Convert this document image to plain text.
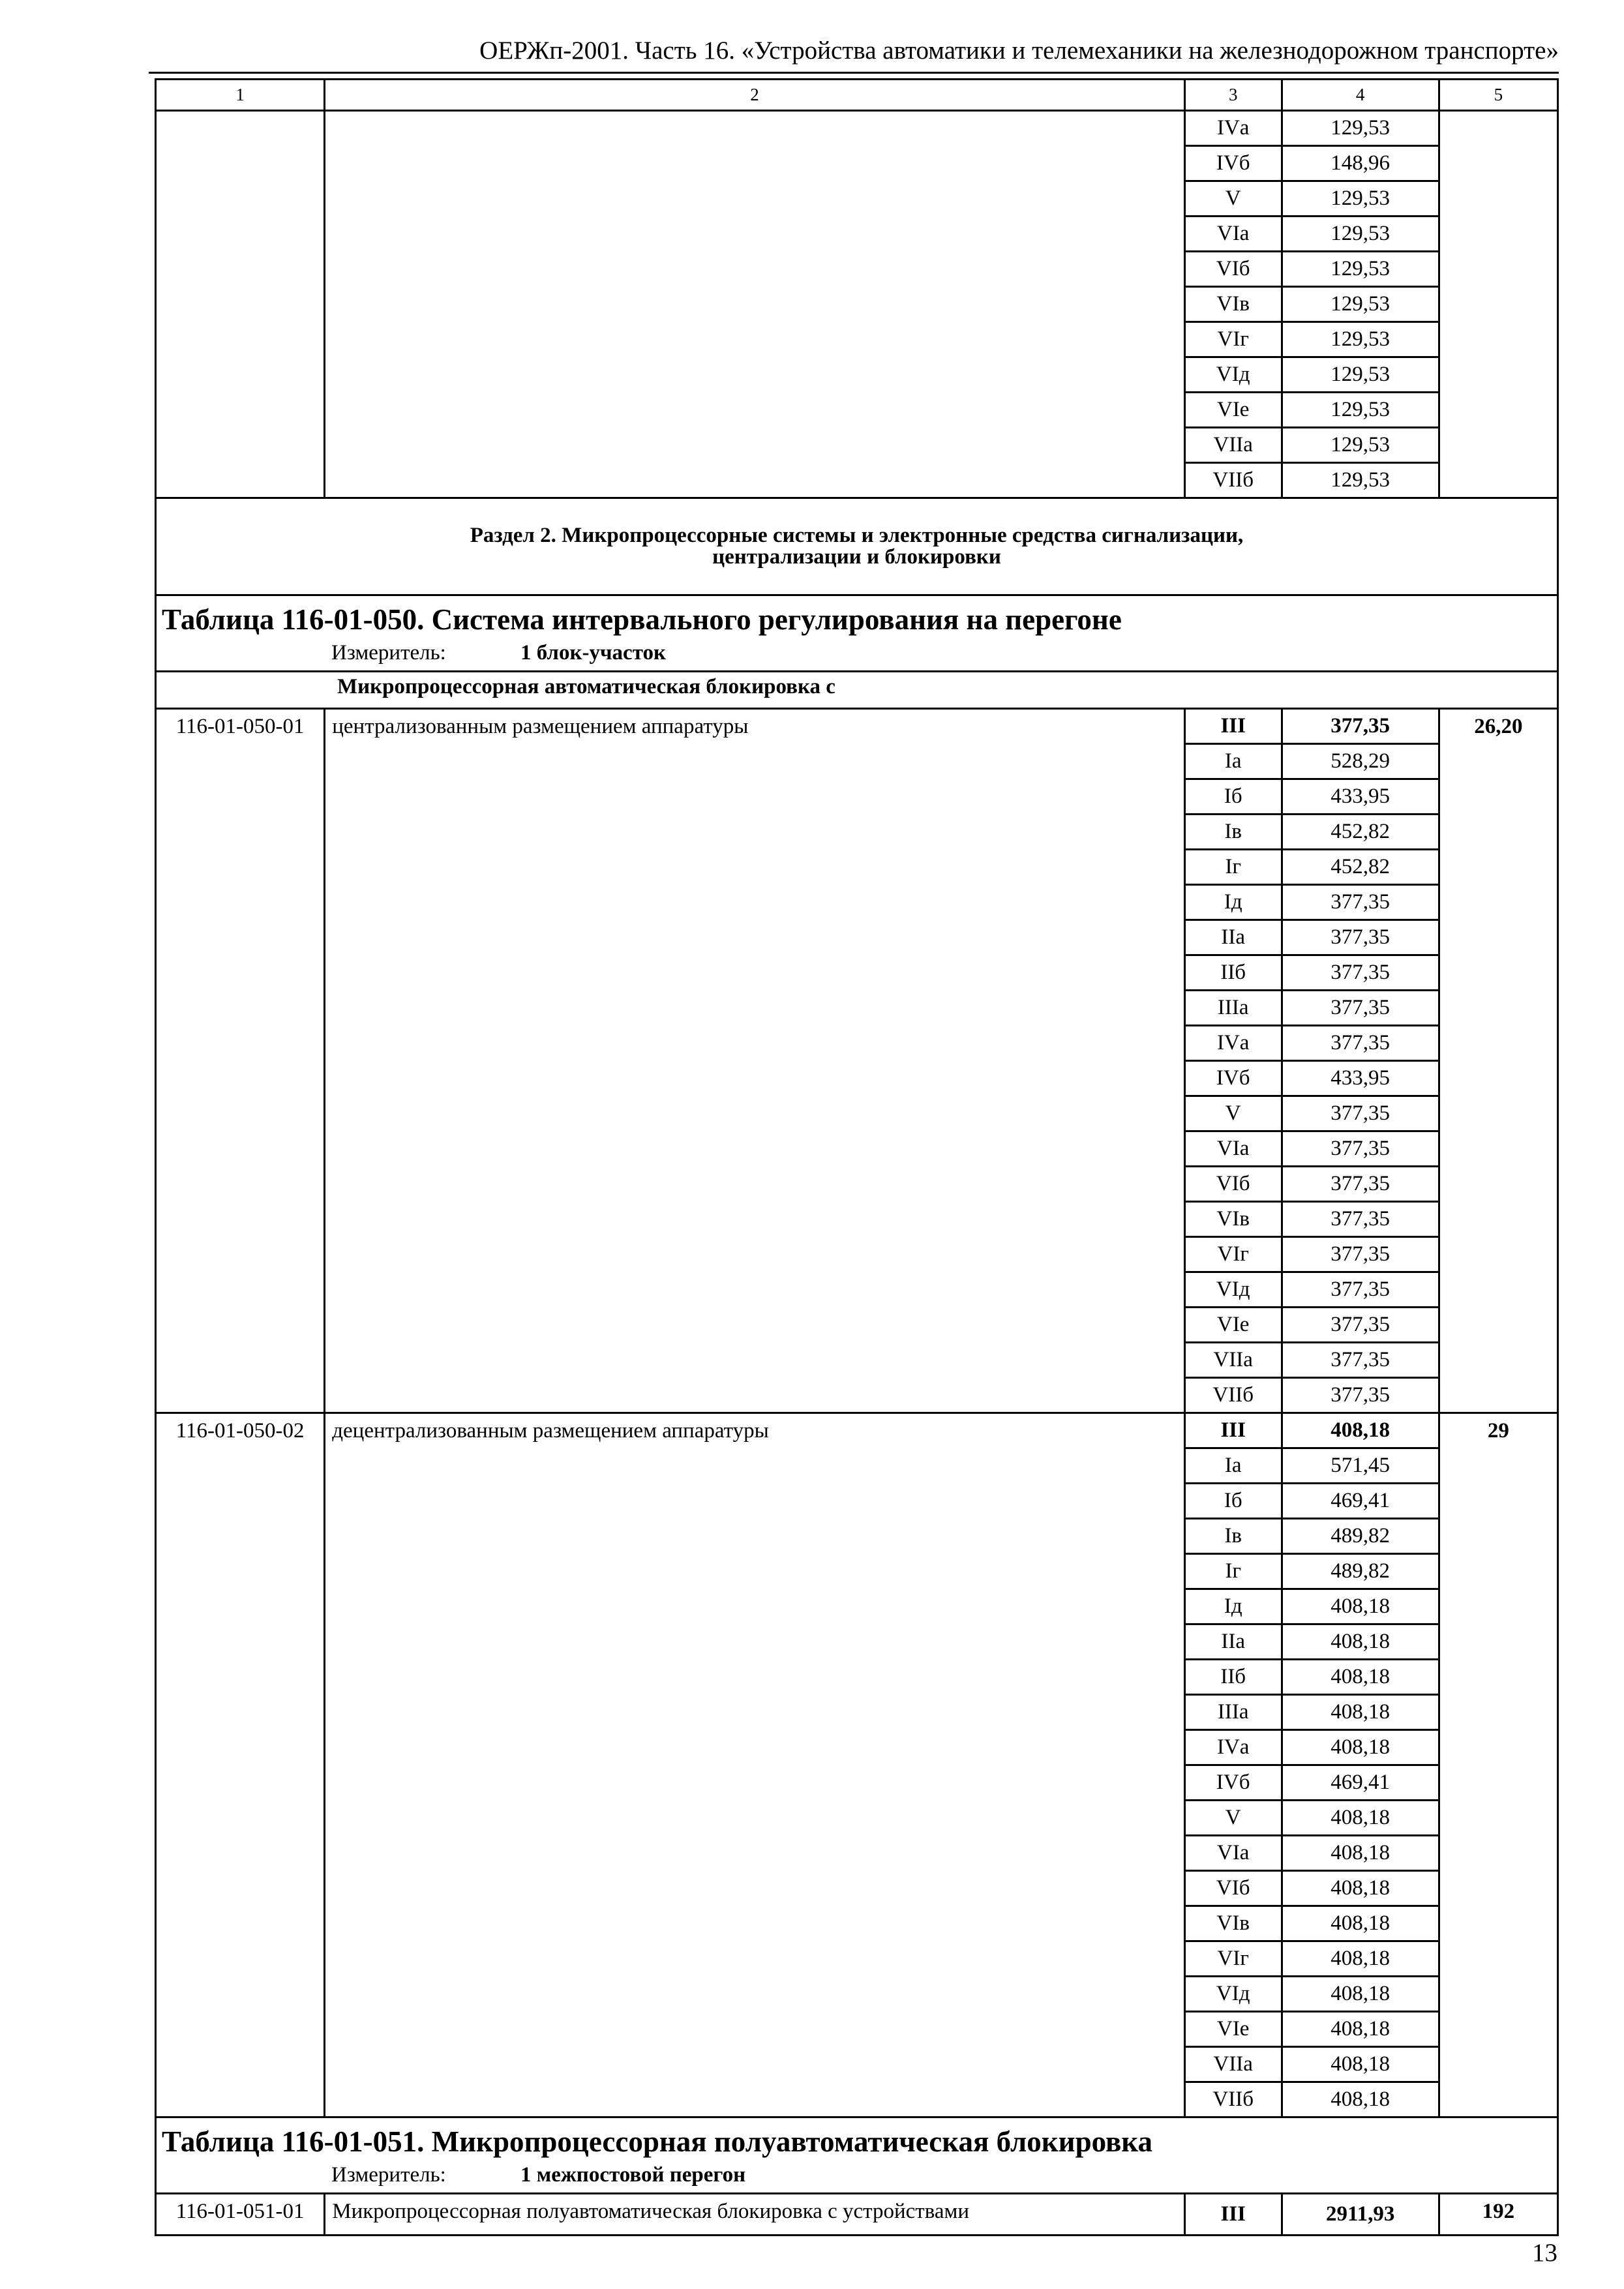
ОЕРЖп-2001. Часть 16. «Устройства автоматики и телемеханики на железнодорожном транспорте»
1	2	3	4	5
		IVа	129,53	
		IVб	148,96	
		V	129,53	
		VIа	129,53	
		VIб	129,53	
		VIв	129,53	
		VIг	129,53	
		VIд	129,53	
		VIе	129,53	
		VIIа	129,53	
		VIIб	129,53	
Раздел 2. Микропроцессорные системы и электронные средства сигнализации,
централизации и блокировки				

Таблица 116-01-050. Система интервального регулирования на перегоне
Измеритель: 1 блок-участок				

Микропроцессорная автоматическая блокировка с				
116-01-050-01	централизованным размещением аппаратуры	III	377,35	26,20
		Iа	528,29	
		Iб	433,95	
		Iв	452,82	
		Iг	452,82	
		Iд	377,35	
		IIа	377,35	
		IIб	377,35	
		IIIа	377,35	
		IVа	377,35	
		IVб	433,95	
		V	377,35	
		VIа	377,35	
		VIб	377,35	
		VIв	377,35	
		VIг	377,35	
		VIд	377,35	
		VIе	377,35	
		VIIа	377,35	
		VIIб	377,35	
116-01-050-02	децентрализованным размещением аппаратуры	III	408,18	29
		Iа	571,45	
		Iб	469,41	
		Iв	489,82	
		Iг	489,82	
		Iд	408,18	
		IIа	408,18	
		IIб	408,18	
		IIIа	408,18	
		IVа	408,18	
		IVб	469,41	
		V	408,18	
		VIа	408,18	
		VIб	408,18	
		VIв	408,18	
		VIг	408,18	
		VIд	408,18	
		VIе	408,18	
		VIIа	408,18	
		VIIб	408,18	

Таблица 116-01-051. Микропроцессорная полуавтоматическая блокировка
Измеритель: 1 межпостовой перегон				

116-01-051-01	Микропроцессорная полуавтоматическая блокировка с устройствами	III	2911,93	192
13
